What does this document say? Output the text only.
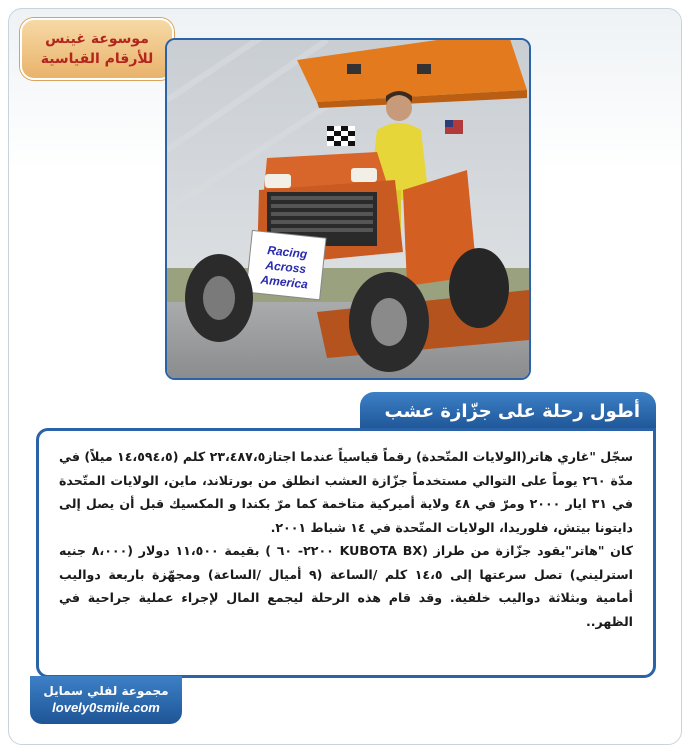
موسوعة غينس
للأرقام القياسية
Racing
Across
America
أطول رحلة على جزّازة عشب

سجّل "غاري هاتر(الولايات المتّحدة) رقماً قياسياً عندما اجتاز٢٣،٤٨٧،٥ كلم (١٤،٥٩٤،٥ ميلاً) في مدّة ٢٦٠ يوماً على التوالي مستخدماً جزّازة العشب انطلق من بورتلاند، ماين، الولايات المتّحدة في ٣١ ايار ٢٠٠٠ ومرّ في ٤٨ ولاية أميركية متاخمة كما مرّ بكندا و المكسيك قبل أن يصل إلى دايتونا بيتش، فلوريدا، الولايات المتّحدة في ١٤ شباط ٢٠٠١.

كان "هاتر"يقود جزّازة من طراز (KUBOTA BX ٢٢٠٠- ٦٠ ) بقيمة ١١،٥٠٠ دولار (٨،٠٠٠ جنيه استرليني) تصل سرعتها إلى ١٤،٥ كلم /الساعة (٩ أميال /الساعة) ومجهّزة باربعة دواليب أمامية وبثلاثة دواليب خلفية. وقد قام هذه الرحلة ليجمع المال لإجراء عملية جراحية في الظهر..

مجموعة لفلي سمايل
lovely0smile.com
